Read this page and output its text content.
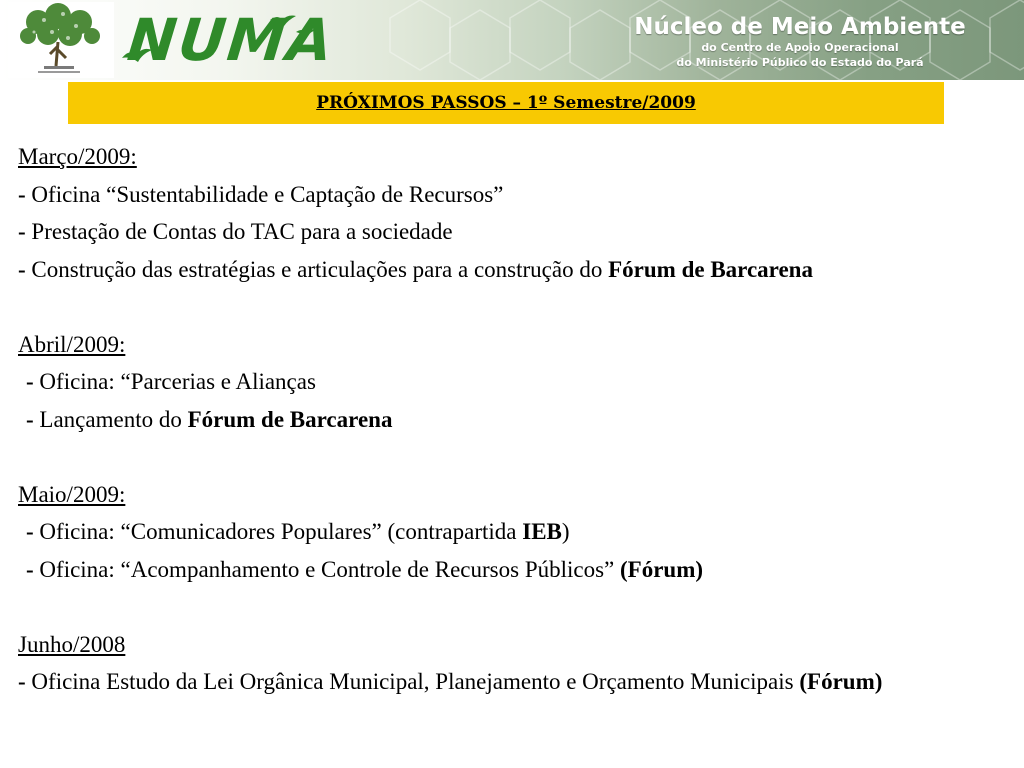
NUMA	Núcleo de Meio Ambiente
do Centro de Apoio Operacional
do Ministério Público do Estado do Pará
PRÓXIMOS PASSOS – 1º Semestre/2009
Março/2009:
- Oficina “Sustentabilidade e Captação de Recursos”
- Prestação de Contas do TAC para a sociedade
- Construção das estratégias e articulações para a construção do Fórum de Barcarena
Abril/2009:
- Oficina: “Parcerias e Alianças
- Lançamento do Fórum de Barcarena
Maio/2009:
- Oficina: “Comunicadores Populares” (contrapartida IEB)
- Oficina: “Acompanhamento e Controle de Recursos Públicos” (Fórum)
Junho/2008
- Oficina Estudo da Lei Orgânica Municipal, Planejamento e Orçamento Municipais (Fórum)
